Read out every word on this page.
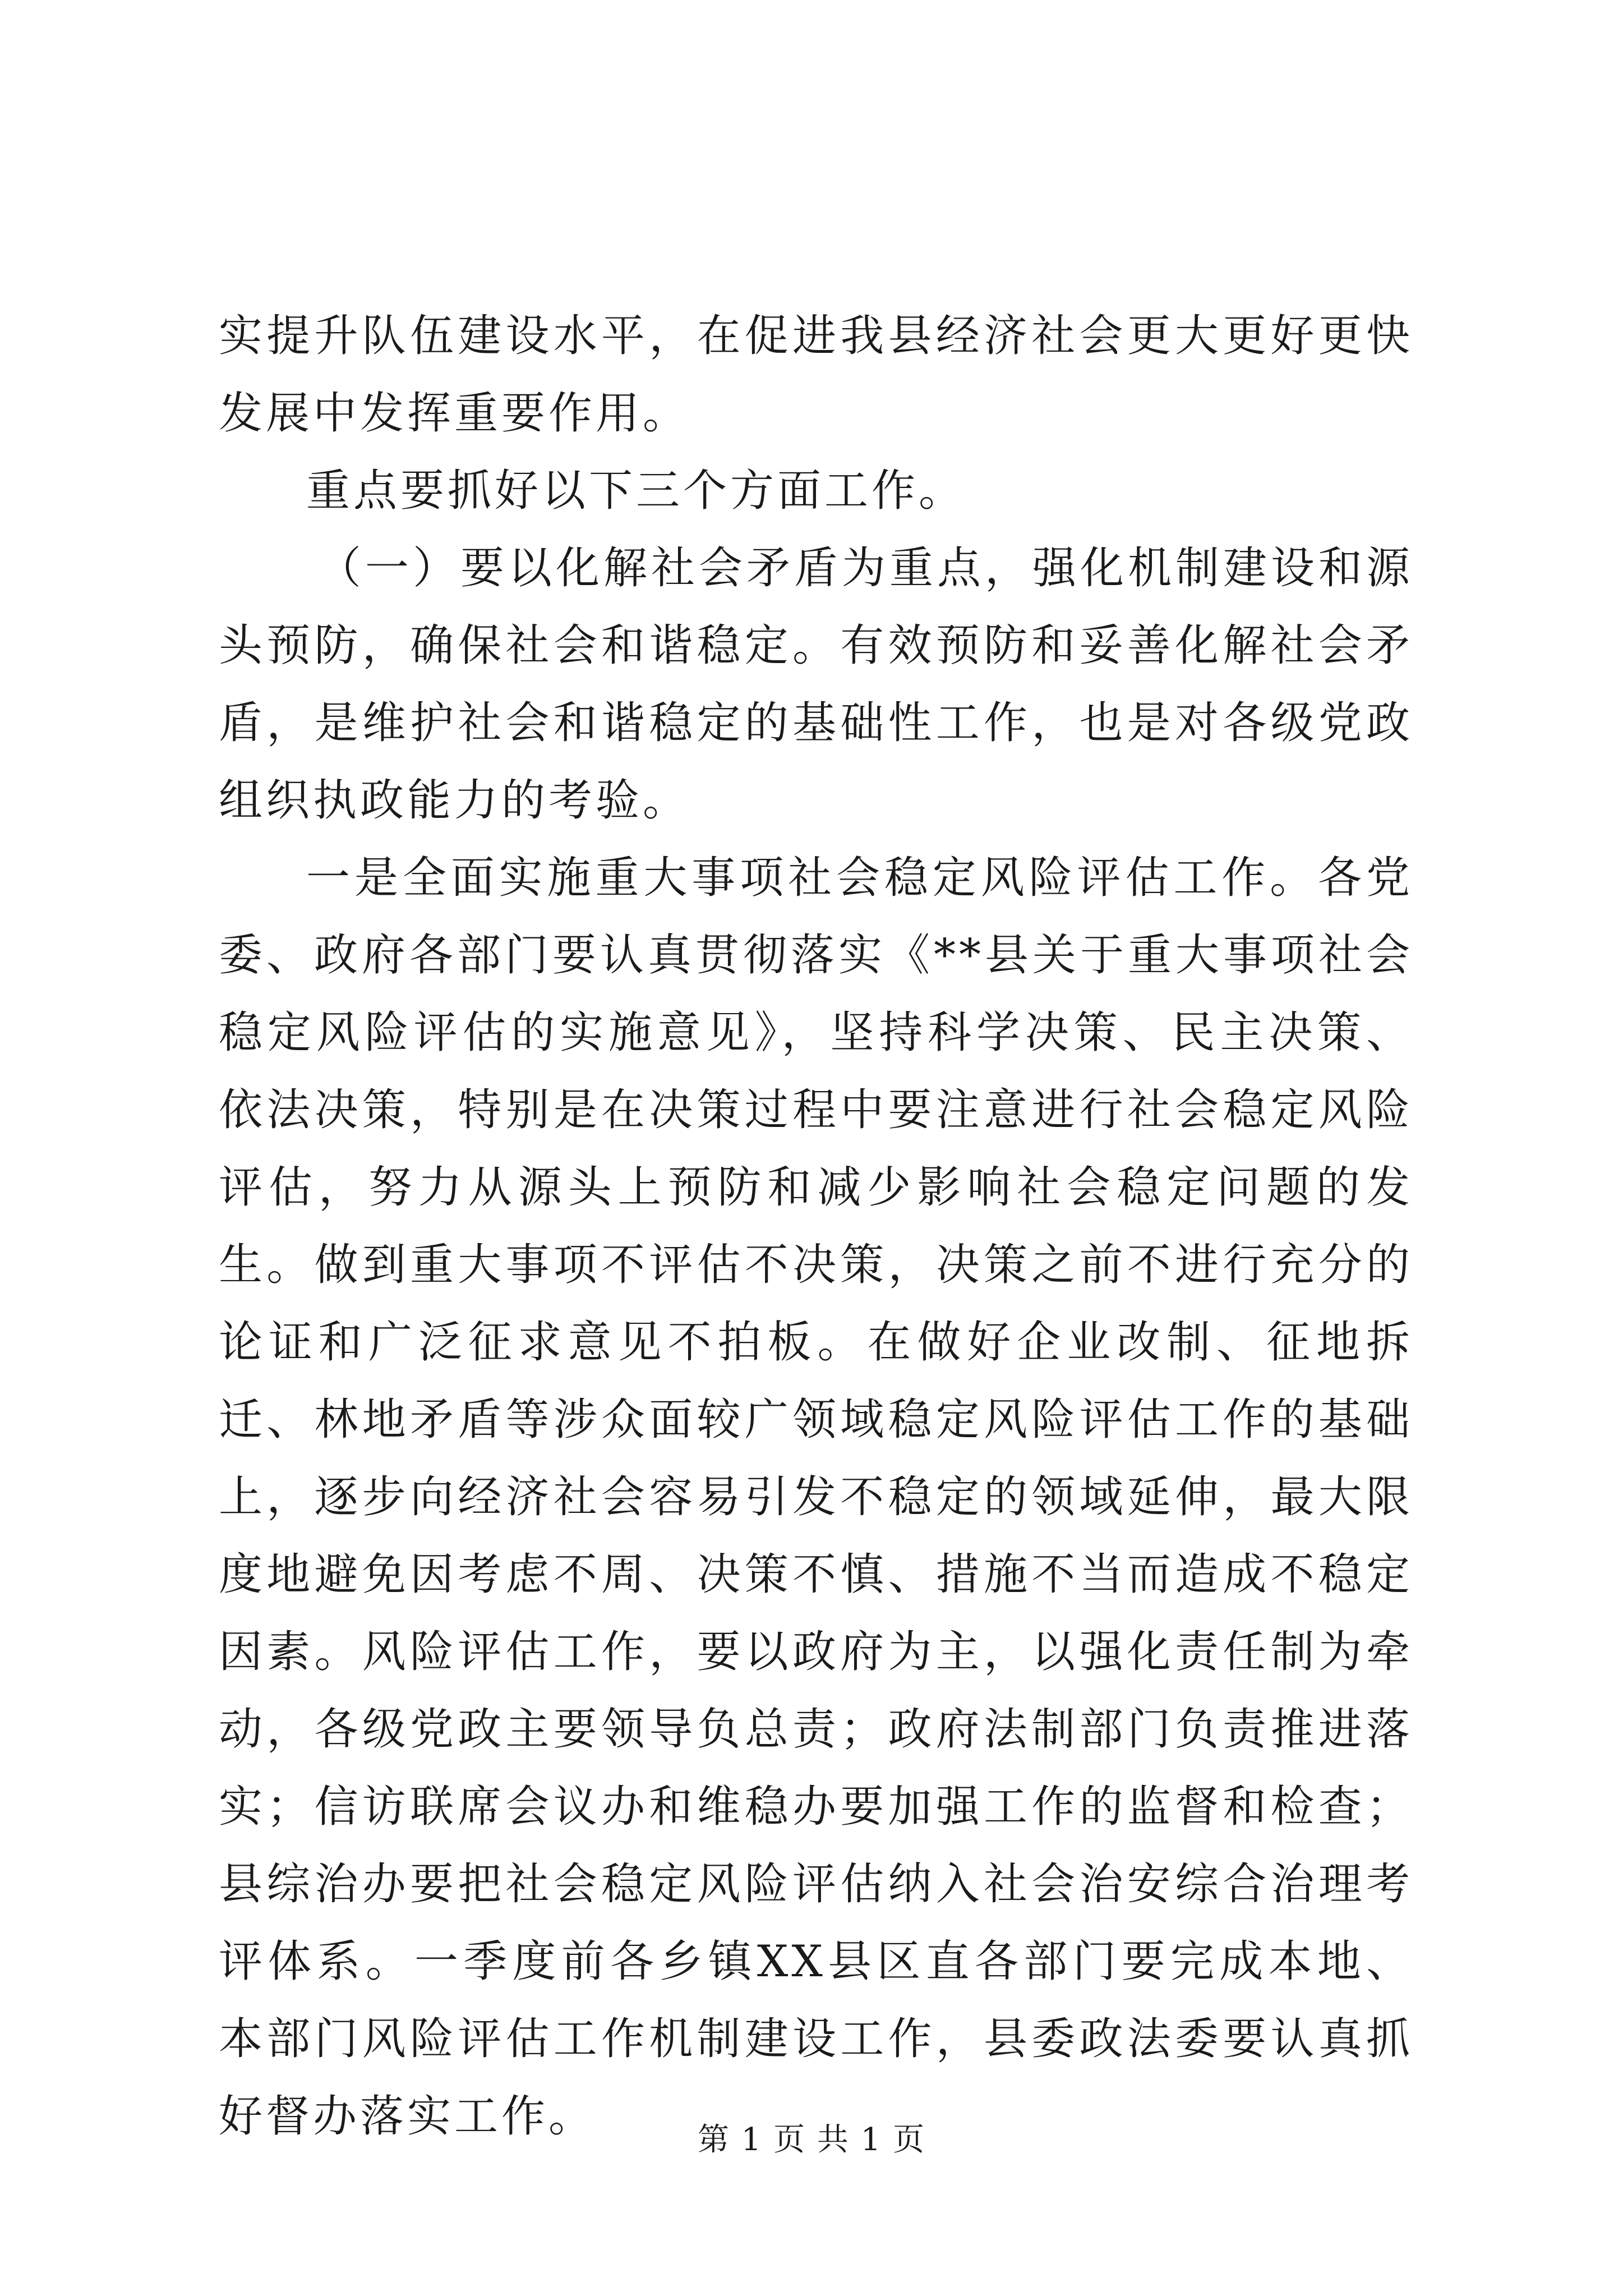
实提升队伍建设水平，在促进我县经济社会更大更好更快发展中发挥重要作用。

重点要抓好以下三个方面工作。

（一）要以化解社会矛盾为重点，强化机制建设和源头预防，确保社会和谐稳定。有效预防和妥善化解社会矛盾，是维护社会和谐稳定的基础性工作，也是对各级党政组织执政能力的考验。

一是全面实施重大事项社会稳定风险评估工作。各党委、政府各部门要认真贯彻落实《**县关于重大事项社会稳定风险评估的实施意见》，坚持科学决策、民主决策、依法决策，特别是在决策过程中要注意进行社会稳定风险评估，努力从源头上预防和减少影响社会稳定问题的发生。做到重大事项不评估不决策，决策之前不进行充分的论证和广泛征求意见不拍板。在做好企业改制、征地拆迁、林地矛盾等涉众面较广领域稳定风险评估工作的基础上，逐步向经济社会容易引发不稳定的领域延伸，最大限度地避免因考虑不周、决策不慎、措施不当而造成不稳定因素。风险评估工作，要以政府为主，以强化责任制为牵动，各级党政主要领导负总责；政府法制部门负责推进落实；信访联席会议办和维稳办要加强工作的监督和检查；县综治办要把社会稳定风险评估纳入社会治安综合治理考评体系。一季度前各乡镇XX县区直各部门要完成本地、本部门风险评估工作机制建设工作，县委政法委要认真抓好督办落实工作。	第 1 页 共 1 页
